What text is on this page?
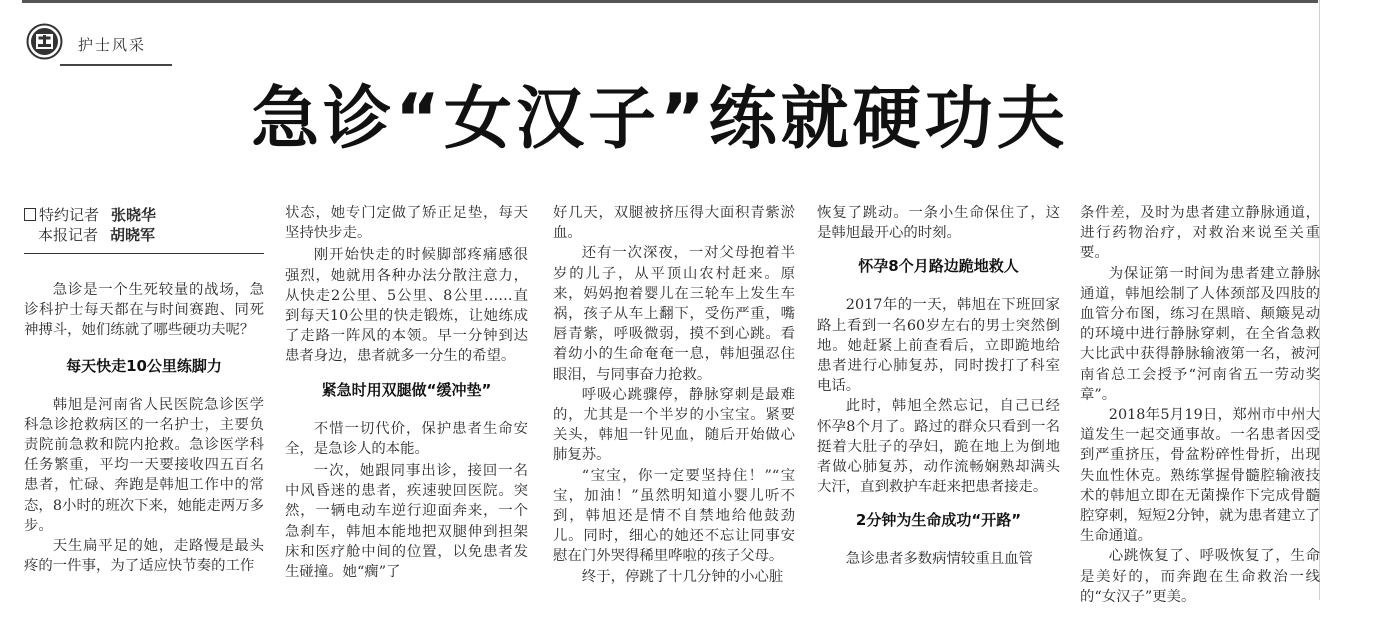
护士风采
急诊“女汉子”练就硬功夫
特约记者 张晓华
本报记者 胡晓军

急诊是一个生死较量的战场，急诊科护士每天都在与时间赛跑、同死神搏斗，她们练就了哪些硬功夫呢？

每天快走10公里练脚力

韩旭是河南省人民医院急诊医学科急诊抢救病区的一名护士，主要负责院前急救和院内抢救。急诊医学科任务繁重，平均一天要接收四五百名患者，忙碌、奔跑是韩旭工作中的常态，8小时的班次下来，她能走两万多步。

天生扁平足的她，走路慢是最头疼的一件事，为了适应快节奏的工作

状态，她专门定做了矫正足垫，每天坚持快步走。

刚开始快走的时候脚部疼痛感很强烈，她就用各种办法分散注意力，从快走2公里、5公里、8公里……直到每天10公里的快走锻炼，让她练成了走路一阵风的本领。早一分钟到达患者身边，患者就多一分生的希望。

紧急时用双腿做“缓冲垫”

不惜一切代价，保护患者生命安全，是急诊人的本能。

一次，她跟同事出诊，接回一名中风昏迷的患者，疾速驶回医院。突然，一辆电动车逆行迎面奔来，一个急刹车，韩旭本能地把双腿伸到担架床和医疗舱中间的位置，以免患者发生碰撞。她“瘸”了

好几天，双腿被挤压得大面积青紫淤血。

还有一次深夜，一对父母抱着半岁的儿子，从平顶山农村赶来。原来，妈妈抱着婴儿在三轮车上发生车祸，孩子从车上翻下，受伤严重，嘴唇青紫，呼吸微弱，摸不到心跳。看着幼小的生命奄奄一息，韩旭强忍住眼泪，与同事奋力抢救。

呼吸心跳骤停，静脉穿刺是最难的，尤其是一个半岁的小宝宝。紧要关头，韩旭一针见血，随后开始做心肺复苏。

“宝宝，你一定要坚持住！”“宝宝，加油！”虽然明知道小婴儿听不到，韩旭还是情不自禁地给他鼓劲儿。同时，细心的她还不忘让同事安慰在门外哭得稀里哗啦的孩子父母。

终于，停跳了十几分钟的小心脏

恢复了跳动。一条小生命保住了，这是韩旭最开心的时刻。

怀孕8个月路边跪地救人

2017年的一天，韩旭在下班回家路上看到一名60岁左右的男士突然倒地。她赶紧上前查看后，立即跪地给患者进行心肺复苏，同时拨打了科室电话。

此时，韩旭全然忘记，自己已经怀孕8个月了。路过的群众只看到一名挺着大肚子的孕妇，跪在地上为倒地者做心肺复苏，动作流畅娴熟却满头大汗，直到救护车赶来把患者接走。

2分钟为生命成功“开路”

急诊患者多数病情较重且血管

条件差，及时为患者建立静脉通道，进行药物治疗，对救治来说至关重要。

为保证第一时间为患者建立静脉通道，韩旭绘制了人体颈部及四肢的血管分布图，练习在黑暗、颠簸晃动的环境中进行静脉穿刺，在全省急救大比武中获得静脉输液第一名，被河南省总工会授予“河南省五一劳动奖章”。

2018年5月19日，郑州市中州大道发生一起交通事故。一名患者因受到严重挤压，骨盆粉碎性骨折，出现失血性休克。熟练掌握骨髓腔输液技术的韩旭立即在无菌操作下完成骨髓腔穿刺，短短2分钟，就为患者建立了生命通道。

心跳恢复了、呼吸恢复了，生命是美好的，而奔跑在生命救治一线的“女汉子”更美。
